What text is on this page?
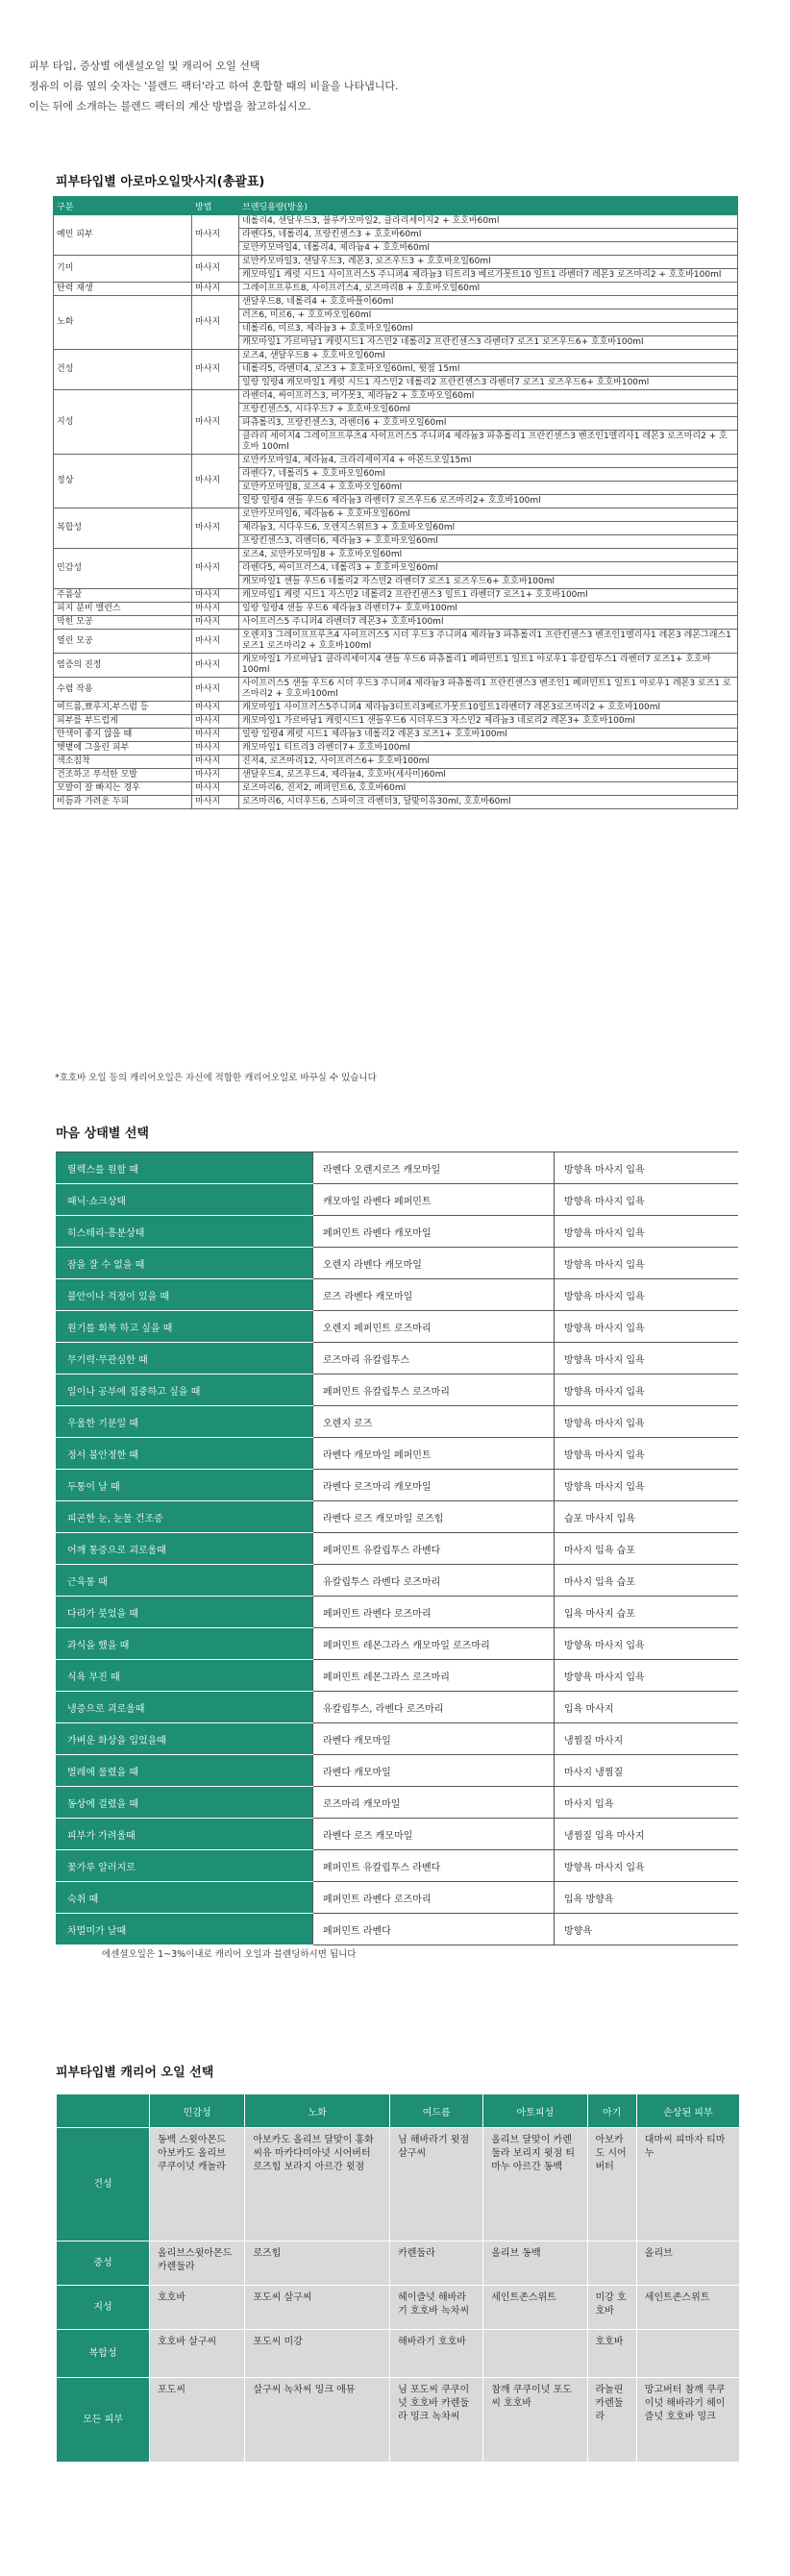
피부 타입, 증상별 에센셜오일 및 캐리어 오일 선택

정유의 이름 옆의 숫자는 '블렌드 팩터'라고 하여 혼합할 때의 비율을 나타냅니다.

이는 뒤에 소개하는 블렌드 팩터의 계산 방법을 참고하십시오.

피부타입별 아로마오일맛사지(총괄표)
구분	방법	브렌딩용량(방울)
예민 피부	마사지	네롤리4, 샌달우드3, 블루카모마일2, 클라리세이지2 + 호호바60ml
		라벤다5, 네롤리4, 프랑킨센스3 + 호호바60ml
		로만카모마일4, 네롤리4, 제라늄4 + 호호바60ml
기미	마사지	로만카모마일3, 샌달우드3, 레몬3, 로즈우드3 + 호호바오일60ml
		캐모마일1 캐럿 시드1 사이프러스5 주니퍼4 제라늄3 티트리3 베르가못트10 일트1 라벤더7 레몬3 로즈마리2 + 호호바100ml
탄력 재생	마사지	그레이프프루트8, 사이프러스4, 로즈마리8 + 호호바오일60ml
노화	마사지	샌달우드8, 네롤리4 + 호호바플이60ml
		러즈6, 미르6, + 호호바오일60ml
		네롤리6, 미르3, 제라늄3 + 호호바오일60ml
		캐모마일1 가르바남1 캐럿시드1 자스민2 네롤리2 프란킨센스3 라벤더7 로즈1 로즈우드6+ 호호바100ml
건성	마사지	로즈4, 샌달우드8 + 호호바오일60ml
		네롤리5, 라벤더4, 로즈3 + 호호바오일60ml, 윗점 15ml
		일랑 일랑4 캐모마일1 캐럿 시드1 자스민2 네롤리2 프란킨센스3 라벤더7 로즈1 로즈우드6+ 호호바100ml
지성	마사지	라벤더4, 싸이프러스3, 버가못3, 제라늄2 + 호호바오일60ml
		프랑킨센스5, 시다우드7 + 호호바오일60ml
		파츄롤리3, 프랑킨센스3, 라벤더6 + 호호바오일60ml
		클라리 세이지4 그레이프프루츠4 사이프러스5 주니퍼4 제라늄3 파츄롤리1 프란킨센스3 벤조인1멜리사1 레몬3 로즈마리2 + 호호바 100ml
정상	마사지	로만카모마일4, 제라늄4, 크라리세이지4 + 아몬드오일15ml
		라벤다7, 네롤리5 + 호호바오일60ml
		로만카모마일8, 로즈4 + 호호바오일60ml
		일랑 일랑4 샌들 우드6 제라늄3 라벤더7 로즈우드6 로즈마리2+ 호호바100ml
복합성	마사지	로만카모마일6, 제라늄6 + 호호바오일60ml
		제라늄3, 시다우드6, 오렌지스위트3 + 호호바오일60ml
		프랑킨센스3, 라벤더6, 제라늄3 + 호호바오일60ml
민감성	마사지	로즈4, 로만카모마일8 + 호호바오일60ml
		라벤다5, 싸이프러스4, 네롤리3 + 호호바오일60ml
		캐모마일1 샌들 우드6 네롤리2 자스민2 라벤더7 로즈1 로즈우드6+ 호호바100ml
주름살	마사지	캐모마일1 캐럿 시드1 자스민2 네롤리2 프란킨센스3 일트1 라벤더7 로즈1+ 호호바100ml
피지 분비 밸런스	마사지	일랑 일랑4 샌들 우드6 제라늄3 라벤더7+ 호호바100ml
막힌 모공	마사지	사이프러스5 주니퍼4 라벤더7 레몬3+ 호호바100ml
열린 모공	마사지	오렌지3 그레이프프루츠4 사이프러스5 시더 우드3 주니퍼4 제라늄3 파츄롤리1 프란킨센스3 벤조인1멜리사1 레몬3 레몬그래스1 로즈1 로즈마리2 + 호호바100ml
염증의 진정	마사지	캐모마일1 가르바남1 클라리세이지4 샌들 우드6 파츄롤리1 페파민트1 일트1 야로우1 유칼립투스1 라벤더7 로즈1+ 호호바100ml
수렴 작용	마사지	사이프러스5 샌들 우드6 시더 우드3 주니퍼4 제라늄3 파츄롤리1 프란킨센스3 벤조인1 페퍼민트1 일트1 야로우1 레몬3 로즈1 로즈마리2 + 호호바100ml
여드름,뾰루지,부스럼 등	마사지	캐모마일1 사이프러스5주니퍼4 제라늄3티트리3베르가못트10일트1라벤더7 레몬3로즈마리2 + 호호바100ml
피부를 부드럽게	마사지	캐모마일1 가르바남1 캐럿시드1 샌들우드6 시더우드3 자스민2 제라늄3 네로리2 레몬3+ 호호바100ml
안색이 좋지 않을 때	마사지	일랑 일랑4 캐럿 시드1 제라늄3 네롤리2 레몬3 로즈1+ 호호바100ml
햇볕에 그을린 피부	마사지	캐모마일1 티트리3 라벤더7+ 호호바100ml
색소침착	마사지	진저4, 로즈마리12, 사이프러스6+ 호호바100ml
건조하고 푸석한 모발	마사지	샌달우드4, 로즈우드4, 제라늄4, 호호바(세사미)60ml
모발이 잘 빠지는 경우	마사지	로즈마리6, 진저2, 페퍼민트6, 호호바60ml
비듬과 가려운 두피	마사지	로즈마리6, 시더우드6, 스파이크 라벤더3, 달맞이유30ml, 호호바60ml
*호호바 오일 등의 캐리어오일은 자신에 적합한 캐리어오일로 바꾸실 수 있습니다
마음 상태별 선택
릴렉스를 원할 때	라벤다 오렌지로즈 캐모마일	방향욕 마사지 입욕
패닉·쇼크상태	캐모마일 라벤다 페퍼민트	방향욕 마사지 입욕
히스테리·흥분상태	페퍼민트 라벤다 캐모마일	방향욕 마사지 입욕
잠을 잘 수 없을 때	오렌지 라벤다 캐모마일	방향욕 마사지 입욕
불안이나 걱정이 있을 때	로즈 라벤다 캐모마일	방향욕 마사지 입욕
원기를 회복 하고 싶을 때	오렌지 페퍼민트 로즈마리	방향욕 마사지 입욕
무기력·무관심한 때	로즈마리 유칼립투스	방향욕 마사지 입욕
일이나 공부에 집중하고 싶을 때	페퍼민트 유칼립투스 로즈마리	방향욕 마사지 입욕
우울한 기분일 때	오렌지 로즈	방향욕 마사지 입욕
정서 불안정한 때	라벤다 캐모마일 페퍼민트	방향욕 마사지 입욕
두통이 날 때	라벤다 로즈마리 캐모마일	방향욕 마사지 입욕
피곤한 눈, 눈물 건조증	라벤다 로즈 캐모마일 로즈힙	습포 마사지 입욕
어깨 통증으로 괴로울때	페퍼민트 유칼립투스 라벤다	마사지 입욕 습포
근육통 때	유칼립투스 라벤다 로즈마리	마사지 입욕 습포
다리가 붓었을 때	페퍼민트 라벤다 로즈마리	입욕 마사지 습포
과식을 했을 때	페퍼민트 레몬그라스 캐모마일 로즈마리	방향욕 마사지 입욕
식욕 부진 때	페퍼민트 레몬그라스 로즈마리	방향욕 마사지 입욕
냉증으로 괴로울때	유칼립투스, 라벤다 로즈마리	입욕 마사지
가벼운 화상을 입었을때	라벤다 캐모마일	냉찜질 마사지
벌레에 물렸을 때	라벤다 캐모마일	마사지 냉찜질
동상에 걸렸을 때	로즈마리 캐모마일	마사지 입욕
피부가 가려울때	라벤다 로즈 캐모마일	냉찜질 입욕 마사지
꽃가루 알러지로	페퍼민트 유칼립투스 라벤다	방향욕 마사지 입욕
숙취 때	페퍼민트 라벤다 로즈마리	입욕 방향욕
차멀미가 날때	페퍼민트 라벤다	방향욕
에센셜오일은 1~3%이내로 캐리어 오일과 블렌딩하시면 됩니다
피부타입별 캐리어 오일 선택
	민감성	노화	여드름	아토피성	아기	손상된 피부
건성	동백 스윗아몬드 아보카도 올리브 쿠쿠이넛 캐놀라	아보카도 올리브 달맞이 홍화씨유 마카다미아넛 시어버터 로즈힙 보라지 아르간 윗점	님 해바라기 윗점 살구씨	올리브 달맞이 카렌둘라 보리지 윗점 티마누 아르간 동백	아보카도 시어버터	대마씨 피마자 티마누
중성	올리브스윗아몬드 카렌둘라	로즈힙	카렌둘라	올리브 동백		올리브
지성	호호바	포도씨 살구씨	헤이즐넛 해바라기 호호바 녹차씨	세인트존스위트	미강 호호바	세인트존스위트
복합성	호호바 살구씨	포도씨 미강	해바라기 호호바		호호바	
모든 피부	포도씨	살구씨 녹차씨 밍크 애뮤	님 포도씨 쿠쿠이넛 호호바 카렌둘라 밍크 녹차씨	참깨 쿠쿠이넛 포도씨 호호바	라놀린 카렌둘라	망고버터 참깨 쿠쿠이넛 해바라기 헤이즐넛 호호바 밍크
